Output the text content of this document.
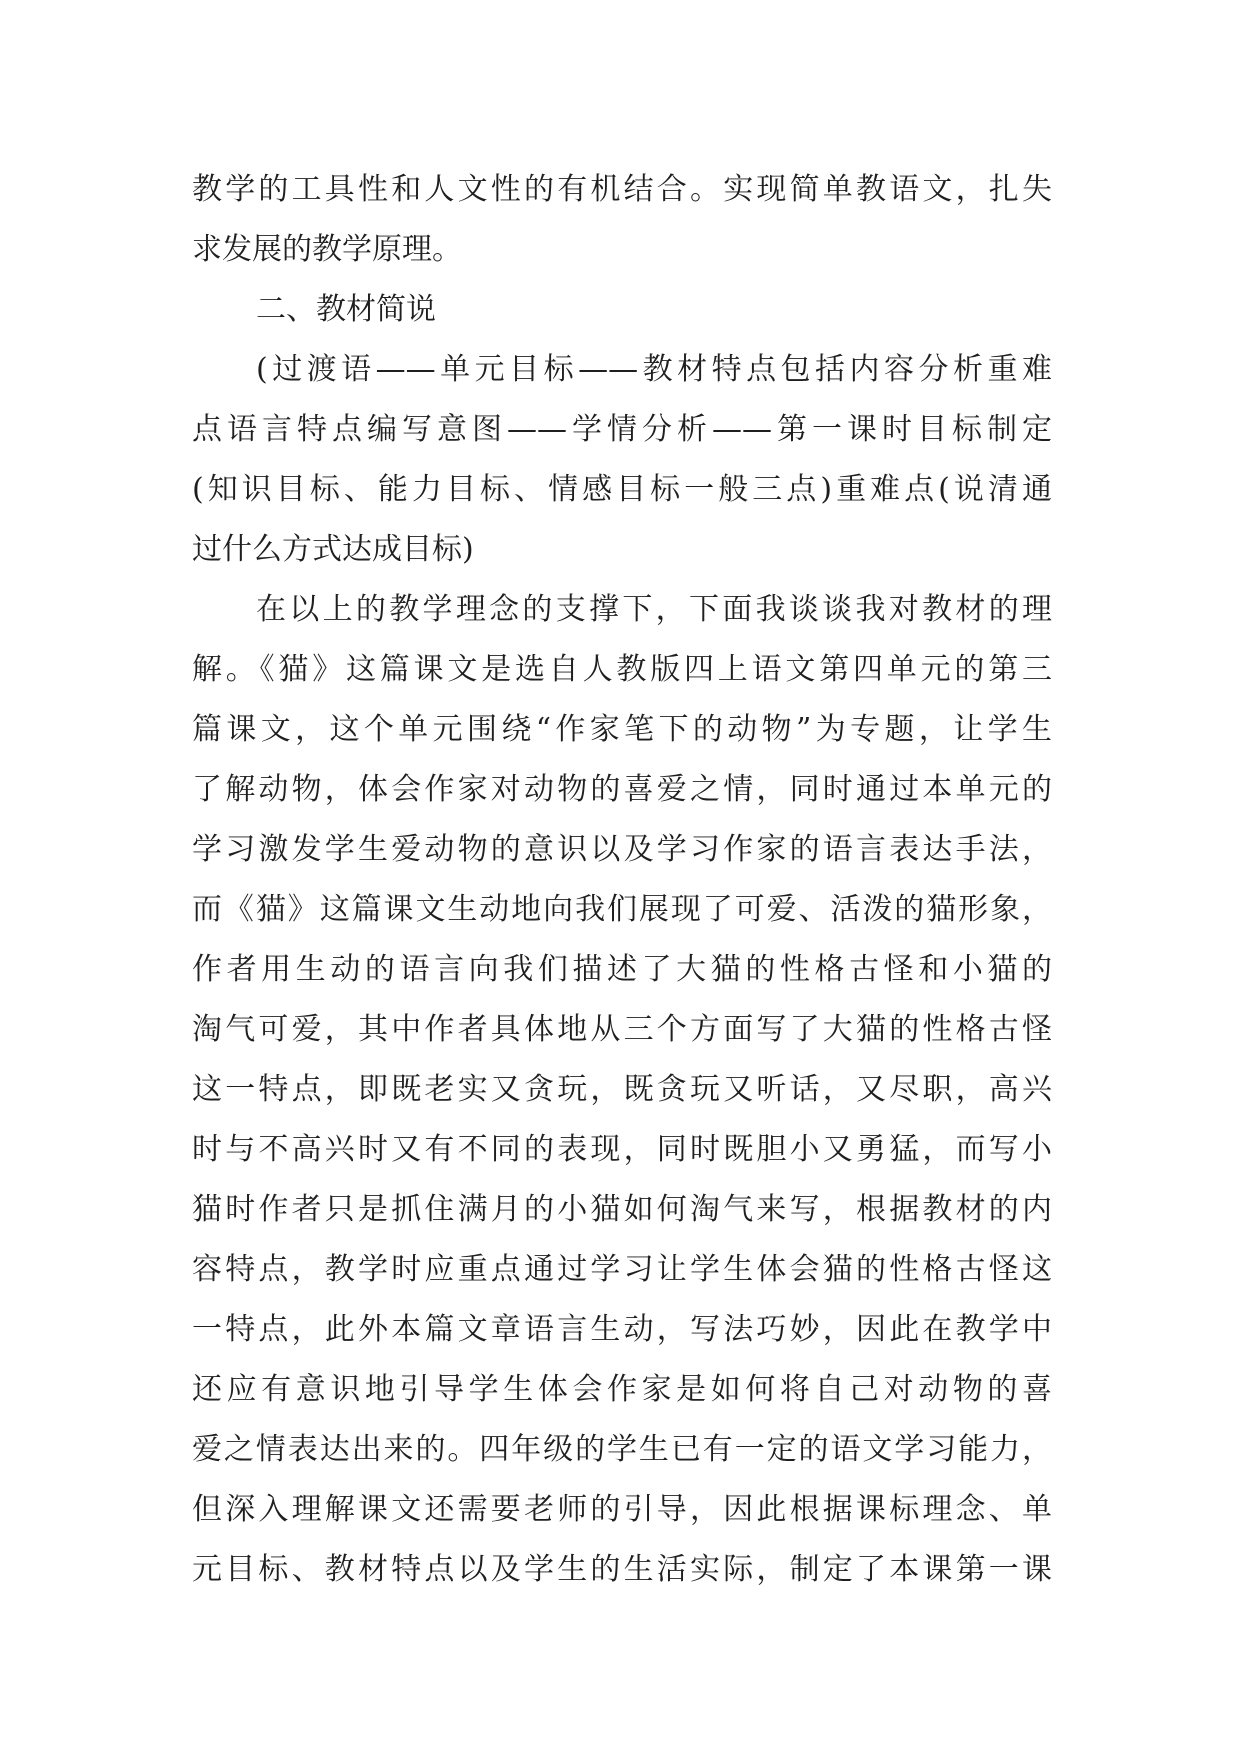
教学的工具性和人文性的有机结合。实现简单教语文，扎失
求发展的教学原理。
二、教材简说
(过渡语——单元目标——教材特点包括内容分析重难
点语言特点编写意图——学情分析——第一课时目标制定
(知识目标、能力目标、情感目标一般三点)重难点(说清通
过什么方式达成目标)
在以上的教学理念的支撑下，下面我谈谈我对教材的理
解。《猫》这篇课文是选自人教版四上语文第四单元的第三
篇课文，这个单元围绕“作家笔下的动物”为专题，让学生
了解动物，体会作家对动物的喜爱之情，同时通过本单元的
学习激发学生爱动物的意识以及学习作家的语言表达手法，
而《猫》这篇课文生动地向我们展现了可爱、活泼的猫形象，
作者用生动的语言向我们描述了大猫的性格古怪和小猫的
淘气可爱，其中作者具体地从三个方面写了大猫的性格古怪
这一特点，即既老实又贪玩，既贪玩又听话，又尽职，高兴
时与不高兴时又有不同的表现，同时既胆小又勇猛，而写小
猫时作者只是抓住满月的小猫如何淘气来写，根据教材的内
容特点，教学时应重点通过学习让学生体会猫的性格古怪这
一特点，此外本篇文章语言生动，写法巧妙，因此在教学中
还应有意识地引导学生体会作家是如何将自己对动物的喜
爱之情表达出来的。四年级的学生已有一定的语文学习能力，
但深入理解课文还需要老师的引导，因此根据课标理念、单
元目标、教材特点以及学生的生活实际，制定了本课第一课
